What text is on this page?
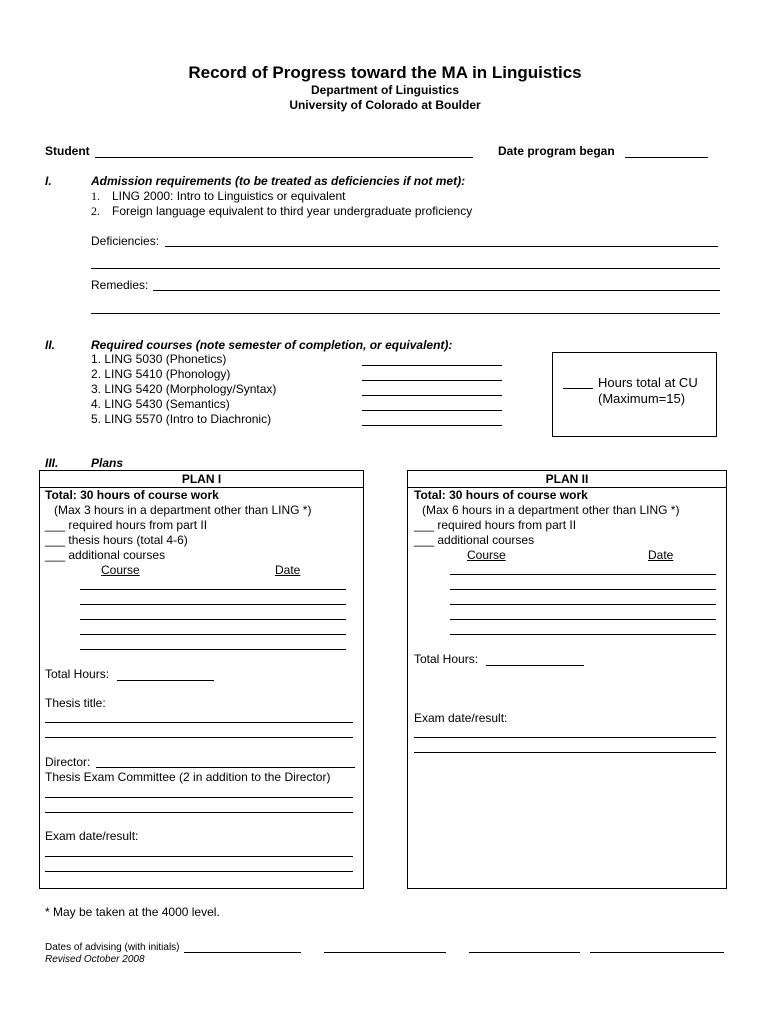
Record of Progress toward the MA in Linguistics
Department of Linguistics
University of Colorado at Boulder
Student	Date program began
I.	Admission requirements (to be treated as deficiencies if not met):
1. LING 2000: Intro to Linguistics or equivalent
2. Foreign language equivalent to third year undergraduate proficiency
Deficiencies:
Remedies:
II.	Required courses (note semester of completion, or equivalent):
1. LING 5030 (Phonetics)
2. LING 5410 (Phonology)
3. LING 5420 (Morphology/Syntax)
4. LING 5430 (Semantics)
5. LING 5570 (Intro to Diachronic)
Hours total at CU
(Maximum=15)
III.	Plans
PLAN I
Total: 30 hours of course work
(Max 3 hours in a department other than LING *)
___ required hours from part II
___ thesis hours (total 4-6)
___ additional courses
Course	Date
Total Hours:
Thesis title:
Director:
Thesis Exam Committee (2 in addition to the Director)
Exam date/result:
PLAN II
Total: 30 hours of course work
(Max 6 hours in a department other than LING *)
___ required hours from part II
___ additional courses
Course	Date
Total Hours:
Exam date/result:
* May be taken at the 4000 level.
Dates of advising (with initials)
Revised October 2008
